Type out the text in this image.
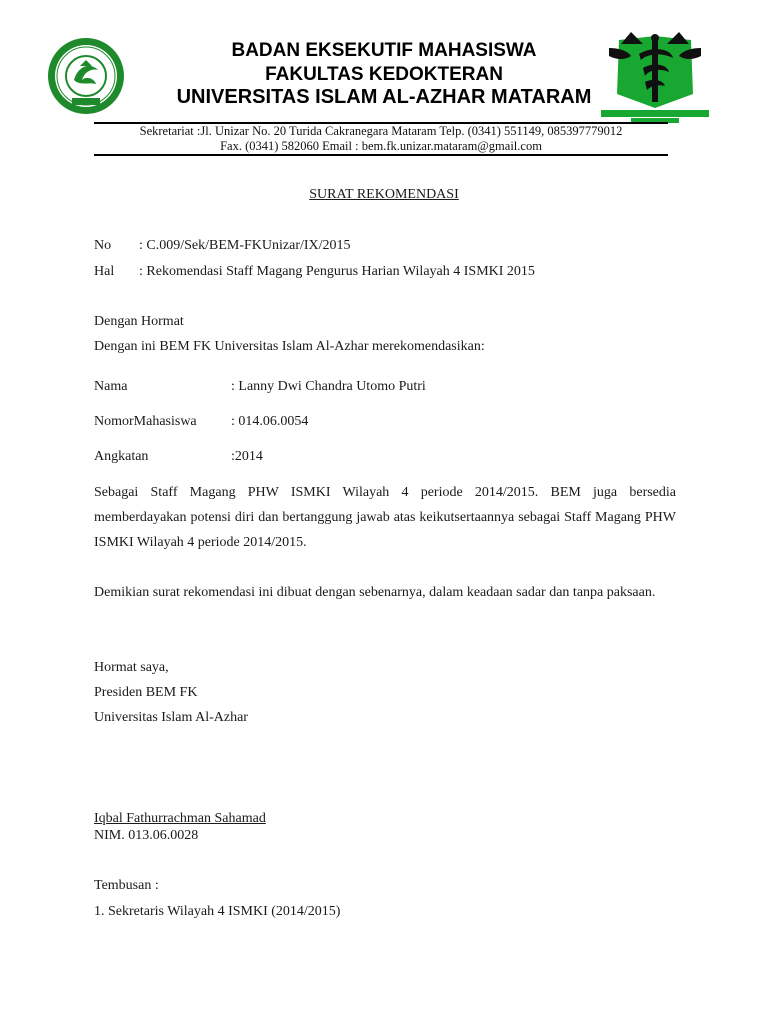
BADAN EKSEKUTIF MAHASISWA
FAKULTAS KEDOKTERAN
UNIVERSITAS ISLAM AL-AZHAR MATARAM
Sekretariat :Jl. Unizar No. 20 Turida Cakranegara Mataram Telp. (0341) 551149, 085397779012
Fax. (0341) 582060 Email : bem.fk.unizar.mataram@gmail.com
SURAT REKOMENDASI
No : C.009/Sek/BEM-FKUnizar/IX/2015
Hal : Rekomendasi Staff Magang Pengurus Harian Wilayah 4 ISMKI 2015
Dengan Hormat
Dengan ini BEM FK Universitas Islam Al-Azhar merekomendasikan:
Nama	: Lanny Dwi Chandra Utomo Putri
NomorMahasiswa : 014.06.0054
Angkatan	:2014
Sebagai Staff Magang PHW ISMKI Wilayah 4 periode 2014/2015. BEM juga bersedia memberdayakan potensi diri dan bertanggung jawab atas keikutsertaannya sebagai Staff Magang PHW ISMKI Wilayah 4 periode 2014/2015.
Demikian surat rekomendasi ini dibuat dengan sebenarnya, dalam keadaan sadar dan tanpa paksaan.
Hormat saya,
Presiden BEM FK
Universitas Islam Al-Azhar
Iqbal Fathurrachman Sahamad
NIM. 013.06.0028
Tembusan :
1. Sekretaris Wilayah 4 ISMKI (2014/2015)
